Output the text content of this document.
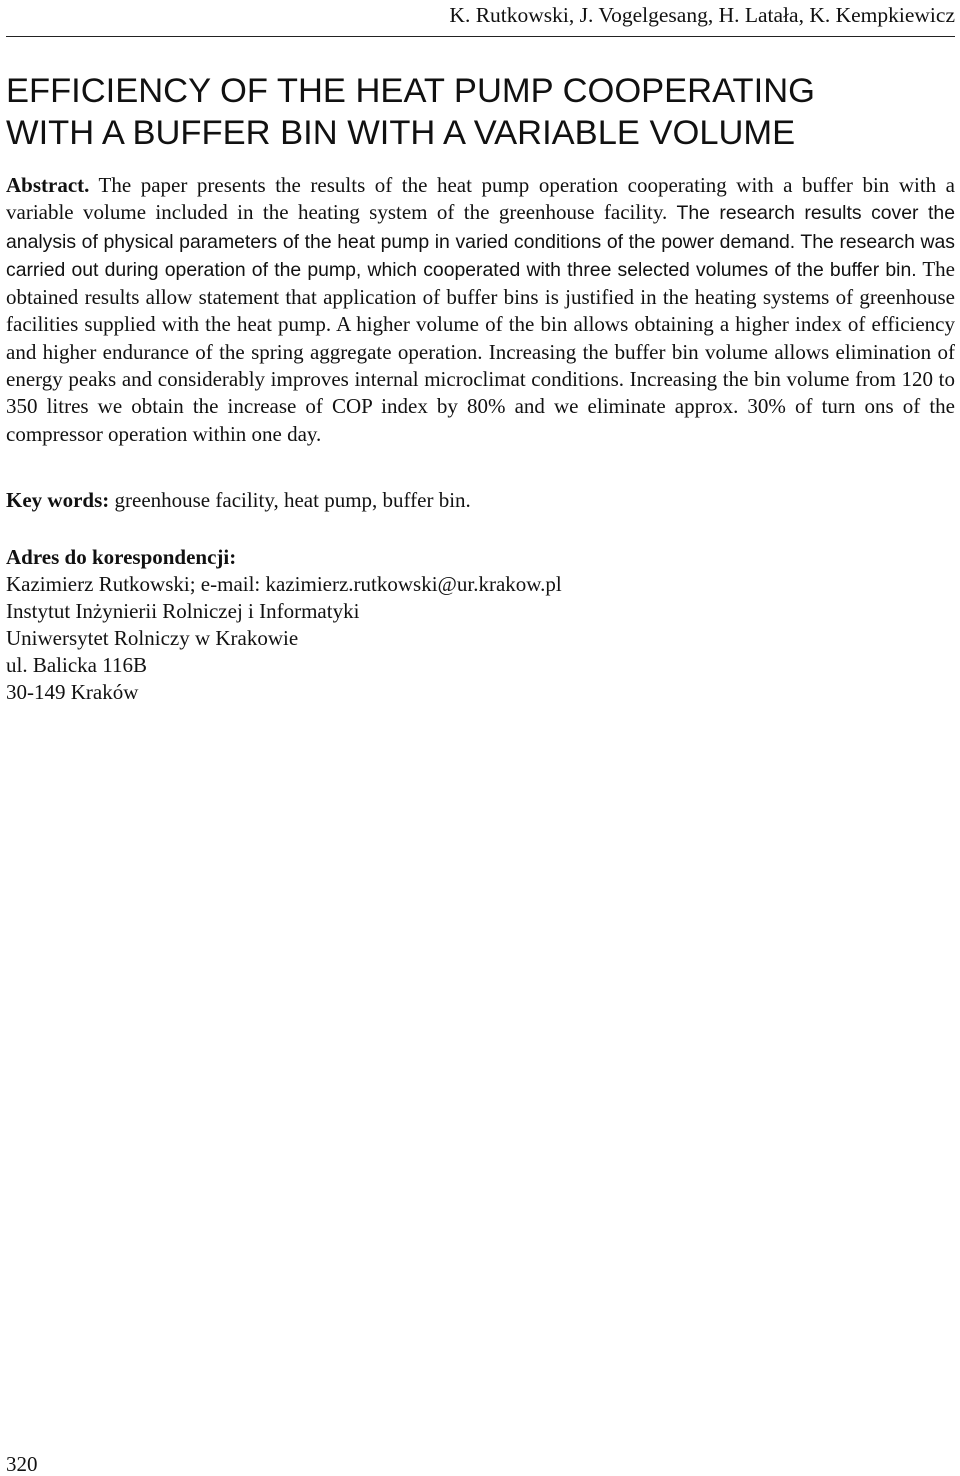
K. Rutkowski, J. Vogelgesang, H. Latała, K. Kempkiewicz
EFFICIENCY OF THE HEAT PUMP COOPERATING
WITH A BUFFER BIN WITH A VARIABLE VOLUME

Abstract. The paper presents the results of the heat pump operation cooperating with a buffer bin with a variable volume included in the heating system of the greenhouse facility. The research results cover the analysis of physical parameters of the heat pump in varied conditions of the power demand. The research was carried out during operation of the pump, which cooperated with three selected volumes of the buffer bin. The obtained results allow statement that application of buffer bins is justified in the heating systems of greenhouse facilities supplied with the heat pump. A higher volume of the bin allows obtaining a higher index of efficiency and higher endurance of the spring aggregate operation. Increasing the buffer bin volume allows elimination of energy peaks and considerably improves internal microclimat conditions. Increasing the bin volume from 120 to 350 litres we obtain the increase of COP index by 80% and we eliminate approx. 30% of turn ons of the compressor operation within one day.

Key words: greenhouse facility, heat pump, buffer bin.

Adres do korespondencji:
Kazimierz Rutkowski; e-mail: kazimierz.rutkowski@ur.krakow.pl
Instytut Inżynierii Rolniczej i Informatyki
Uniwersytet Rolniczy w Krakowie
ul. Balicka 116B
30-149 Kraków
320
